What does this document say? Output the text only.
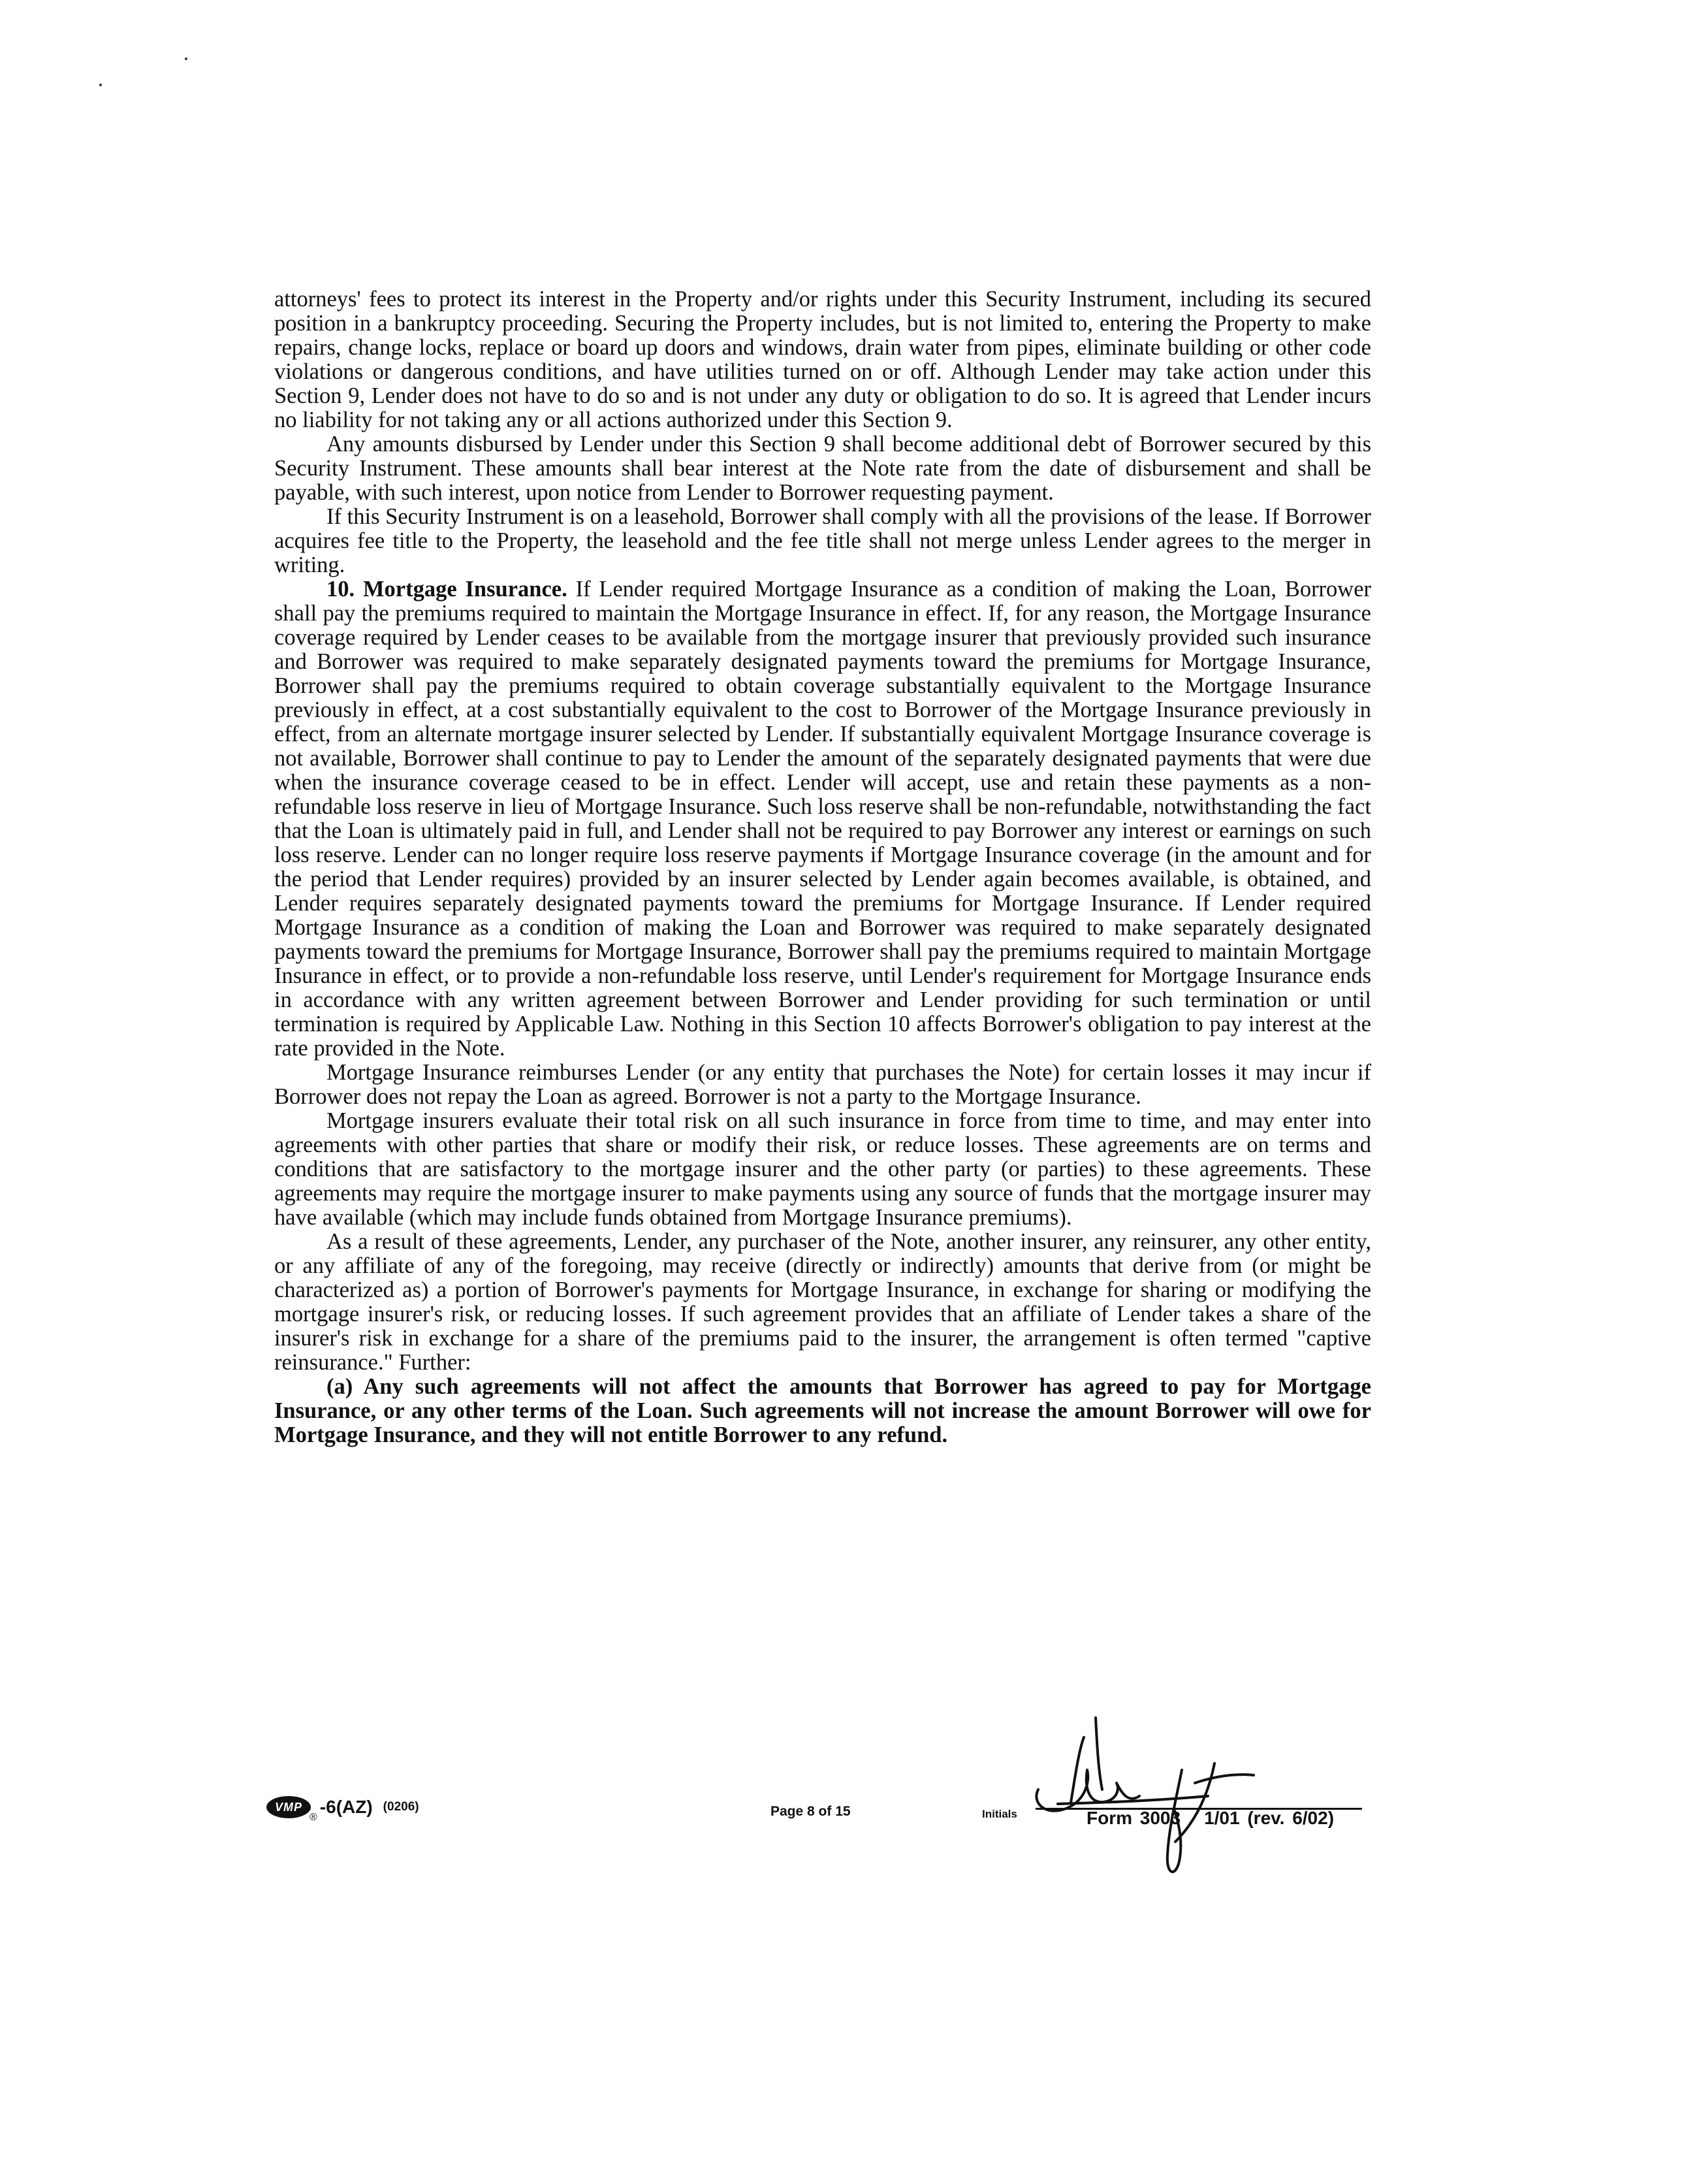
attorneys' fees to protect its interest in the Property and/or rights under this Security Instrument, including its secured position in a bankruptcy proceeding. Securing the Property includes, but is not limited to, entering the Property to make repairs, change locks, replace or board up doors and windows, drain water from pipes, eliminate building or other code violations or dangerous conditions, and have utilities turned on or off. Although Lender may take action under this Section 9, Lender does not have to do so and is not under any duty or obligation to do so. It is agreed that Lender incurs no liability for not taking any or all actions authorized under this Section 9.

Any amounts disbursed by Lender under this Section 9 shall become additional debt of Borrower secured by this Security Instrument. These amounts shall bear interest at the Note rate from the date of disbursement and shall be payable, with such interest, upon notice from Lender to Borrower requesting payment.

If this Security Instrument is on a leasehold, Borrower shall comply with all the provisions of the lease. If Borrower acquires fee title to the Property, the leasehold and the fee title shall not merge unless Lender agrees to the merger in writing.

10. Mortgage Insurance. If Lender required Mortgage Insurance as a condition of making the Loan, Borrower shall pay the premiums required to maintain the Mortgage Insurance in effect. If, for any reason, the Mortgage Insurance coverage required by Lender ceases to be available from the mortgage insurer that previously provided such insurance and Borrower was required to make separately designated payments toward the premiums for Mortgage Insurance, Borrower shall pay the premiums required to obtain coverage substantially equivalent to the Mortgage Insurance previously in effect, at a cost substantially equivalent to the cost to Borrower of the Mortgage Insurance previously in effect, from an alternate mortgage insurer selected by Lender. If substantially equivalent Mortgage Insurance coverage is not available, Borrower shall continue to pay to Lender the amount of the separately designated payments that were due when the insurance coverage ceased to be in effect. Lender will accept, use and retain these payments as a non-refundable loss reserve in lieu of Mortgage Insurance. Such loss reserve shall be non-refundable, notwithstanding the fact that the Loan is ultimately paid in full, and Lender shall not be required to pay Borrower any interest or earnings on such loss reserve. Lender can no longer require loss reserve payments if Mortgage Insurance coverage (in the amount and for the period that Lender requires) provided by an insurer selected by Lender again becomes available, is obtained, and Lender requires separately designated payments toward the premiums for Mortgage Insurance. If Lender required Mortgage Insurance as a condition of making the Loan and Borrower was required to make separately designated payments toward the premiums for Mortgage Insurance, Borrower shall pay the premiums required to maintain Mortgage Insurance in effect, or to provide a non-refundable loss reserve, until Lender's requirement for Mortgage Insurance ends in accordance with any written agreement between Borrower and Lender providing for such termination or until termination is required by Applicable Law. Nothing in this Section 10 affects Borrower's obligation to pay interest at the rate provided in the Note.

Mortgage Insurance reimburses Lender (or any entity that purchases the Note) for certain losses it may incur if Borrower does not repay the Loan as agreed. Borrower is not a party to the Mortgage Insurance.

Mortgage insurers evaluate their total risk on all such insurance in force from time to time, and may enter into agreements with other parties that share or modify their risk, or reduce losses. These agreements are on terms and conditions that are satisfactory to the mortgage insurer and the other party (or parties) to these agreements. These agreements may require the mortgage insurer to make payments using any source of funds that the mortgage insurer may have available (which may include funds obtained from Mortgage Insurance premiums).

As a result of these agreements, Lender, any purchaser of the Note, another insurer, any reinsurer, any other entity, or any affiliate of any of the foregoing, may receive (directly or indirectly) amounts that derive from (or might be characterized as) a portion of Borrower's payments for Mortgage Insurance, in exchange for sharing or modifying the mortgage insurer's risk, or reducing losses. If such agreement provides that an affiliate of Lender takes a share of the insurer's risk in exchange for a share of the premiums paid to the insurer, the arrangement is often termed "captive reinsurance." Further:

(a) Any such agreements will not affect the amounts that Borrower has agreed to pay for Mortgage Insurance, or any other terms of the Loan. Such agreements will not increase the amount Borrower will owe for Mortgage Insurance, and they will not entitle Borrower to any refund.

VMP
®
-6(AZ) (0206)	Page 8 of 15	Initials	Form 3003 1/01 (rev. 6/02)
